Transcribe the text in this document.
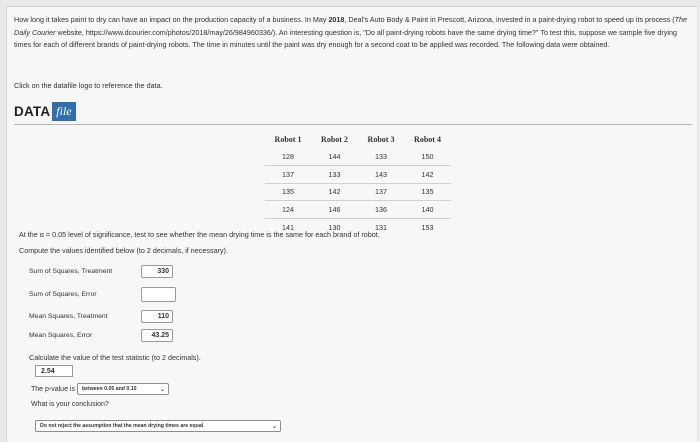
How long it takes paint to dry can have an impact on the production capacity of a business. In May 2018, Deal's Auto Body & Paint in Prescott, Arizona, invested in a paint-drying robot to speed up its process (The Daily Courier website, https://www.dcourier.com/photos/2018/may/26/984960336/). An interesting question is, "Do all paint-drying robots have the same drying time?" To test this, suppose we sample five drying times for each of different brands of paint-drying robots. The time in minutes until the paint was dry enough for a second coat to be applied was recorded. The following data were obtained.
Click on the datafile logo to reference the data.
DATA file
Robot 1	Robot 2	Robot 3	Robot 4
128	144	133	150
137	133	143	142
135	142	137	135
124	146	136	140
141	130	131	153
At the α = 0.05 level of significance, test to see whether the mean drying time is the same for each brand of robot.
Compute the values identified below (to 2 decimals, if necessary).
Sum of Squares, Treatment	330
Sum of Squares, Error
Mean Squares, Treatment	110
Mean Squares, Error	43.25
Calculate the value of the test statistic (to 2 decimals).
2.54
The p-value is between 0.05 and 0.10	⌄
What is your conclusion?
Do not reject the assumption that the mean drying times are equal	⌄
